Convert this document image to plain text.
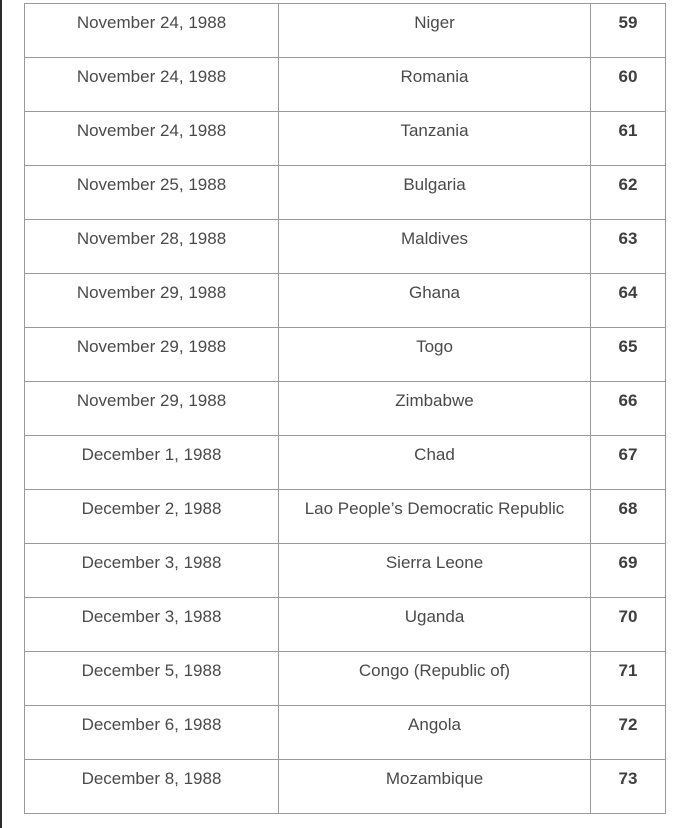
November 24, 1988	Niger	59

November 24, 1988	Romania	60

November 24, 1988	Tanzania	61

November 25, 1988	Bulgaria	62

November 28, 1988	Maldives	63

November 29, 1988	Ghana	64

November 29, 1988	Togo	65

November 29, 1988	Zimbabwe	66

December 1, 1988	Chad	67

December 2, 1988	Lao People’s Democratic Republic	68

December 3, 1988	Sierra Leone	69

December 3, 1988	Uganda	70

December 5, 1988	Congo (Republic of)	71

December 6, 1988	Angola	72

December 8, 1988	Mozambique	73
